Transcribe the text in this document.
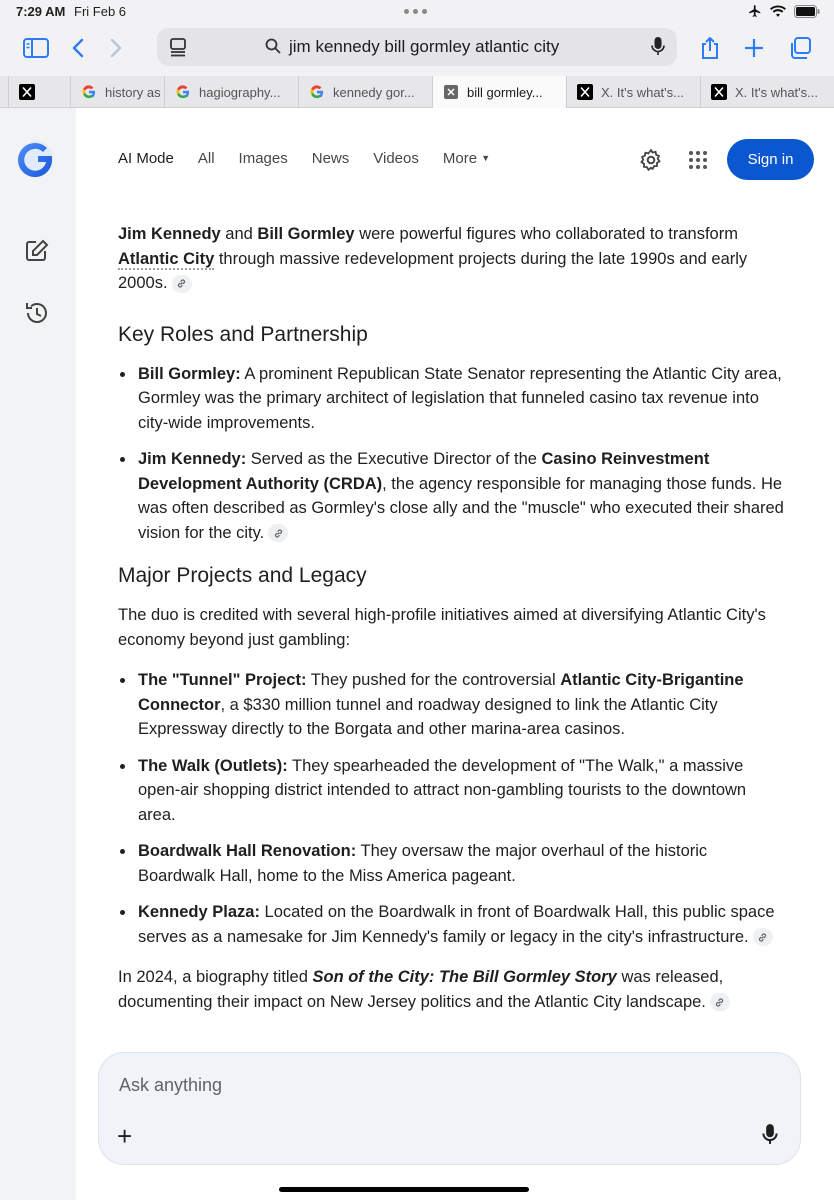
7:29 AM Fri Feb 6
jim kennedy bill gormley atlantic city
history as	hagiography...	kennedy gor...	bill gormley...	X. It's what's...	X. It's what's...
AI Mode All Images News Videos More ▼	Sign in

Jim Kennedy and Bill Gormley were powerful figures who collaborated to transform Atlantic City through massive redevelopment projects during the late 1990s and early 2000s.

Key Roles and Partnership
Bill Gormley: A prominent Republican State Senator representing the Atlantic City area, Gormley was the primary architect of legislation that funneled casino tax revenue into city-wide improvements.
Jim Kennedy: Served as the Executive Director of the Casino Reinvestment Development Authority (CRDA), the agency responsible for managing those funds. He was often described as Gormley's close ally and the "muscle" who executed their shared vision for the city.
Major Projects and Legacy

The duo is credited with several high-profile initiatives aimed at diversifying Atlantic City's economy beyond just gambling:

The "Tunnel" Project: They pushed for the controversial Atlantic City-Brigantine Connector, a $330 million tunnel and roadway designed to link the Atlantic City Expressway directly to the Borgata and other marina-area casinos.
The Walk (Outlets): They spearheaded the development of "The Walk," a massive open-air shopping district intended to attract non-gambling tourists to the downtown area.
Boardwalk Hall Renovation: They oversaw the major overhaul of the historic Boardwalk Hall, home to the Miss America pageant.
Kennedy Plaza: Located on the Boardwalk in front of Boardwalk Hall, this public space serves as a namesake for Jim Kennedy's family or legacy in the city's infrastructure.

In 2024, a biography titled Son of the City: The Bill Gormley Story was released, documenting their impact on New Jersey politics and the Atlantic City landscape.

Ask anything
+
